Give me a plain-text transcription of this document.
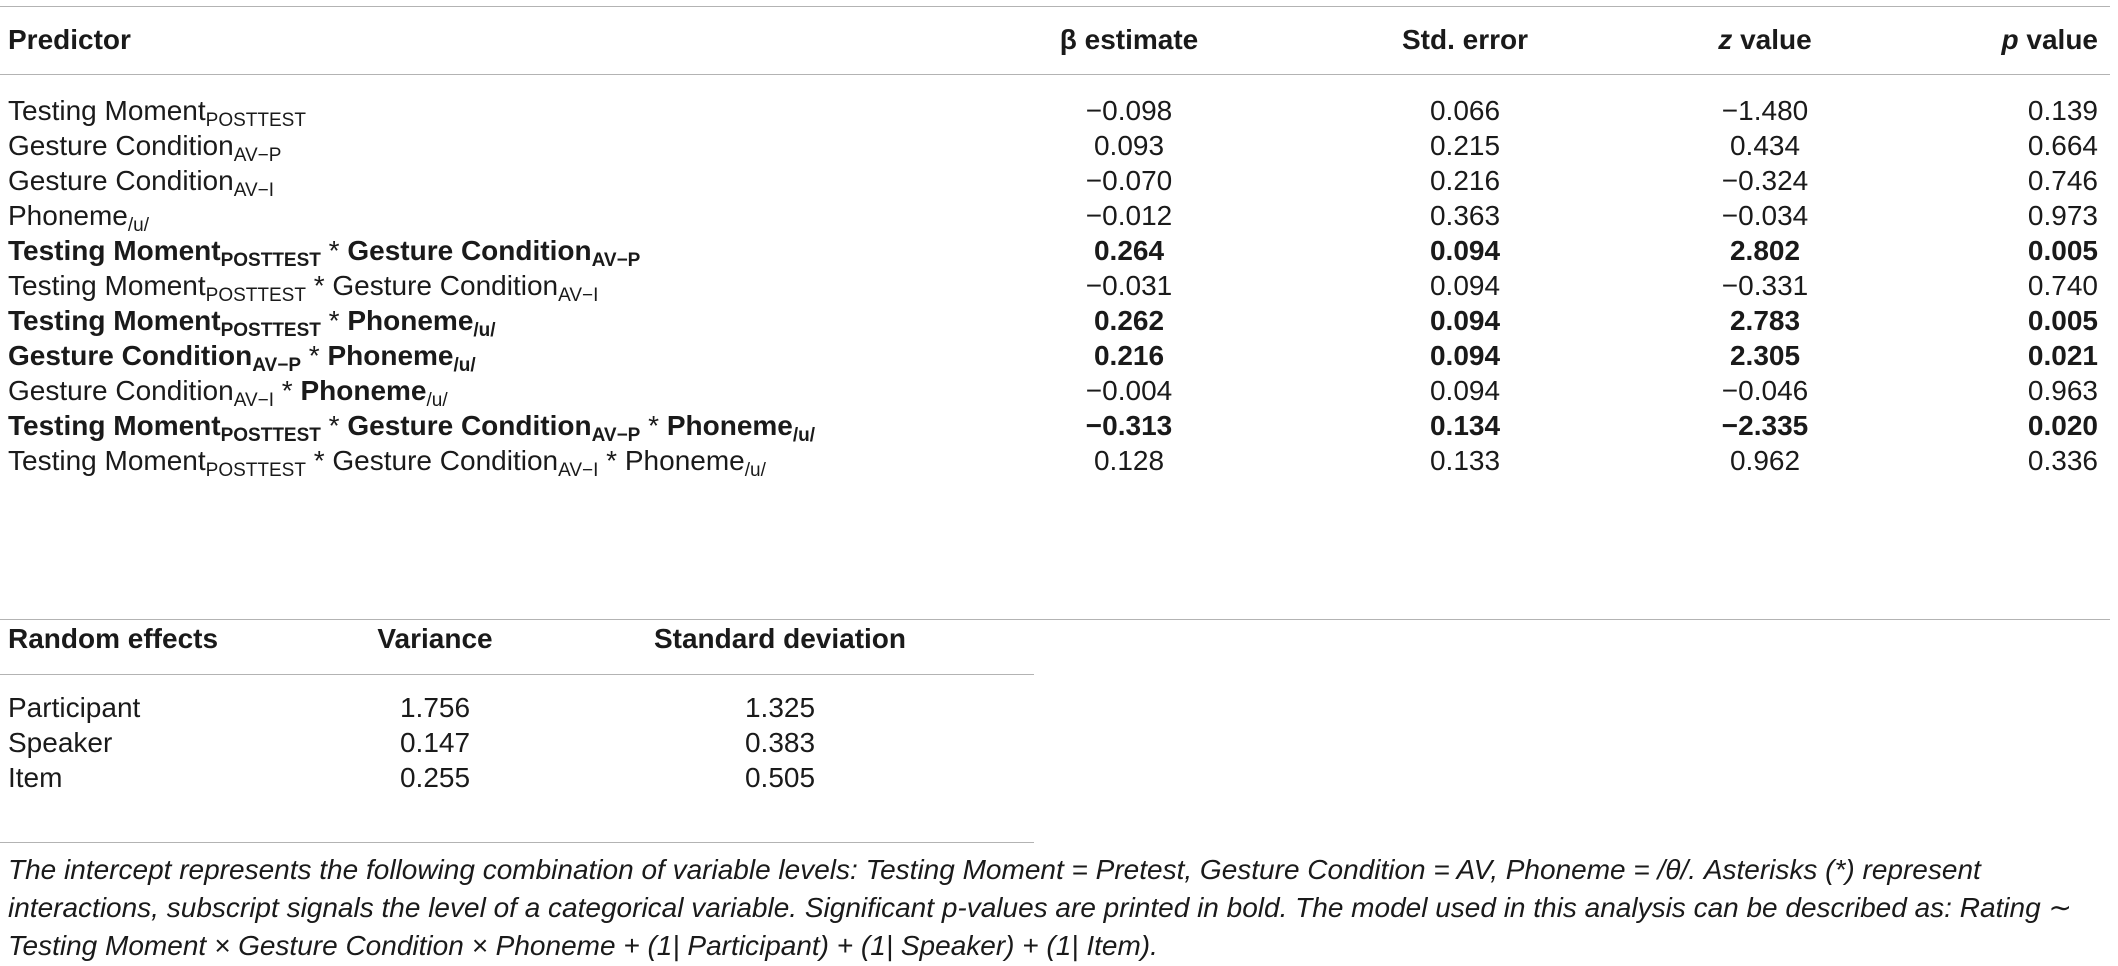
Predictor	β estimate	Std. error	z value	p value
Testing Moment$_{POSTTEST}$	−0.098	0.066	−1.480	0.139
Gesture Condition$_{AV-P}$	0.093	0.215	0.434	0.664
Gesture Condition$_{AV-I}$	−0.070	0.216	−0.324	0.746
Phoneme$_{/u/}$	−0.012	0.363	−0.034	0.973
Testing Moment$_{POSTTEST}$ * Gesture Condition$_{AV-P}$	0.264	0.094	2.802	0.005
Testing Moment$_{POSTTEST}$ * Gesture Condition$_{AV-I}$	−0.031	0.094	−0.331	0.740
Testing Moment$_{POSTTEST}$ * Phoneme$_{/u/}$	0.262	0.094	2.783	0.005
Gesture Condition$_{AV-P}$ * Phoneme$_{/u/}$	0.216	0.094	2.305	0.021
Gesture Condition$_{AV-I}$ * Phoneme$_{/u/}$	−0.004	0.094	−0.046	0.963
Testing Moment$_{POSTTEST}$ * Gesture Condition$_{AV-P}$ * Phoneme$_{/u/}$	−0.313	0.134	−2.335	0.020
Testing Moment$_{POSTTEST}$ * Gesture Condition$_{AV-I}$ * Phoneme$_{/u/}$	0.128	0.133	0.962	0.336
Random effects	Variance	Standard deviation
Participant	1.756	1.325
Speaker	0.147	0.383
Item	0.255	0.505
The intercept represents the following combination of variable levels: Testing Moment = Pretest, Gesture Condition = AV, Phoneme = /θ/. Asterisks (*) represent interactions, subscript signals the level of a categorical variable. Significant p-values are printed in bold. The model used in this analysis can be described as: Rating ∼ Testing Moment × Gesture Condition × Phoneme + (1| Participant) + (1| Speaker) + (1| Item).
